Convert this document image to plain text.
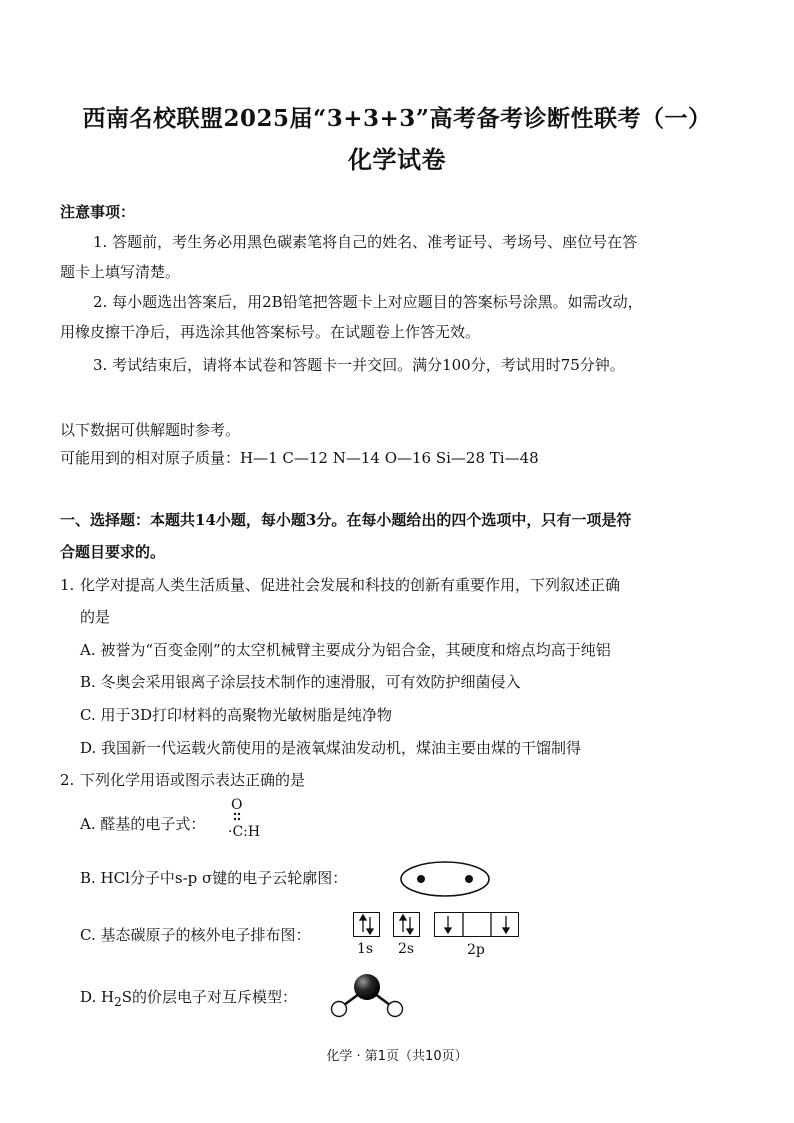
西南名校联盟2025届“3+3+3”高考备考诊断性联考（一）
化学试卷
注意事项：
1. 答题前，考生务必用黑色碳素笔将自己的姓名、准考证号、考场号、座位号在答
题卡上填写清楚。
2. 每小题选出答案后，用2B铅笔把答题卡上对应题目的答案标号涂黑。如需改动，
用橡皮擦干净后，再选涂其他答案标号。在试题卷上作答无效。
3. 考试结束后，请将本试卷和答题卡一并交回。满分100分，考试用时75分钟。
以下数据可供解题时参考。
可能用到的相对原子质量：H—1 C—12 N—14 O—16 Si—28 Ti—48
一、选择题：本题共14小题，每小题3分。在每小题给出的四个选项中，只有一项是符
合题目要求的。
1. 化学对提高人类生活质量、促进社会发展和科技的创新有重要作用，下列叙述正确
的是
A. 被誉为“百变金刚”的太空机械臂主要成分为铝合金，其硬度和熔点均高于纯铝
B. 冬奥会采用银离子涂层技术制作的速滑服，可有效防护细菌侵入
C. 用于3D打印材料的高聚物光敏树脂是纯净物
D. 我国新一代运载火箭使用的是液氧煤油发动机，煤油主要由煤的干馏制得
2. 下列化学用语或图示表达正确的是
A. 醛基的电子式：
O
·C:H
B. HCl分子中s-p σ键的电子云轮廓图：
C. 基态碳原子的核外电子排布图：
1s 2s	2p
D. $H_2S$的价层电子对互斥模型：
化学 · 第1页（共10页）
